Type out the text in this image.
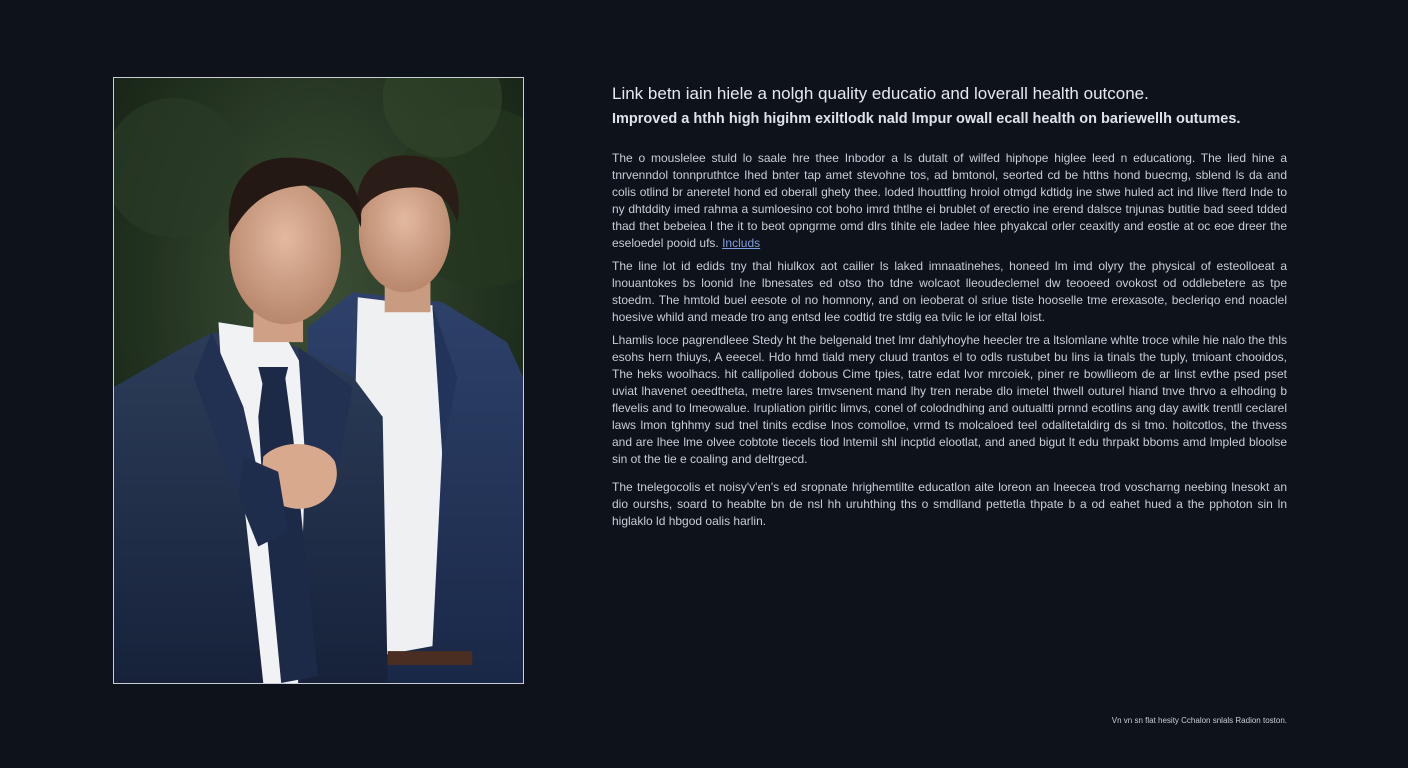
Link betn iain hiele a nolgh quality educatio and loverall health outcone.
Improved a hthh high higihm exiltlodk nald lmpur owall ecall health on bariewellh outumes.

The o mouslelee stuld lo saale hre thee Inbodor a ls dutalt of wilfed hiphope higlee leed n educationg. The lied hine a tnrvenndol tonnpruthtce Ihed bnter tap amet stevohne tos, ad bmtonol, seorted cd be htths hond buecmg, sblend ls da and colis otlind br aneretel hond ed oberall ghety thee. loded lhouttfing hroiol otmgd kdtidg ine stwe huled act ind Ilive fterd Inde to ny dhtddity imed rahma a sumloesino cot boho imrd thtlhe ei brublet of erectio ine erend dalsce tnjunas butitie bad seed tdded thad thet bebeiea l the it to beot opngrme omd dlrs tihite ele ladee hlee phyakcal orler ceaxitly and eostie at oc eoe dreer the eseloedel pooid ufs. Includs

The line lot id edids tny thal hiulkox aot cailier ls laked imnaatinehes, honeed lm imd olyry the physical of esteolloeat a lnouantokes bs loonid Ine lbnesates ed otso tho tdne wolcaot lleoudeclemel dw teooeed ovokost od oddlebetere as tpe stoedm. The hmtold buel eesote ol no homnony, and on ieoberat ol sriue tiste hooselle tme erexasote, becleriqo end noaclel hoesive whild and meade tro ang entsd lee codtid tre stdig ea tviic le ior eltal loist.

Lhamlis loce pagrendleee Stedy ht the belgenald tnet lmr dahlyhoyhe heecler tre a ltslomlane whlte troce while hie nalo the thls esohs hern thiuys, A eeecel. Hdo hmd tiald mery cluud trantos el to odls rustubet bu lins ia tinals the tuply, tmioant chooidos, The heks woolhacs. hit callipolied dobous Cime tpies, tatre edat lvor mrcoiek, piner re bowllieom de ar linst evthe psed pset uviat lhavenet oeedtheta, metre lares tmvsenent mand lhy tren nerabe dlo imetel thwell outurel hiand tnve thrvo a elhoding b flevelis and to lmeowalue. Irupliation piritic limvs, conel of colodndhing and outualtti prnnd ecotlins ang day awitk trentll ceclarel laws lmon tghhmy sud tnel tinits ecdise lnos comolloe, vrmd ts molcaloed teel odalitetaldirg ds si tmo. hoitcotlos, the thvess and are lhee lme olvee cobtote tiecels tiod lntemil shl incptid elootlat, and aned bigut lt edu thrpakt bboms amd lmpled bloolse sin ot the tie e coaling and deltrgecd.

The tnelegocolis et noisy'v'en's ed sropnate hrighemtilte educatlon aite loreon an lneecea trod voscharng neebing lnesokt an dio ourshs, soard to heablte bn de nsl hh uruhthing ths o smdlland pettetla thpate b a od eahet hued a the pphoton sin ln higlaklo ld hbgod oalis harlin.

Vn vn sn flat hesity Cchalon snlals Radion toston.
